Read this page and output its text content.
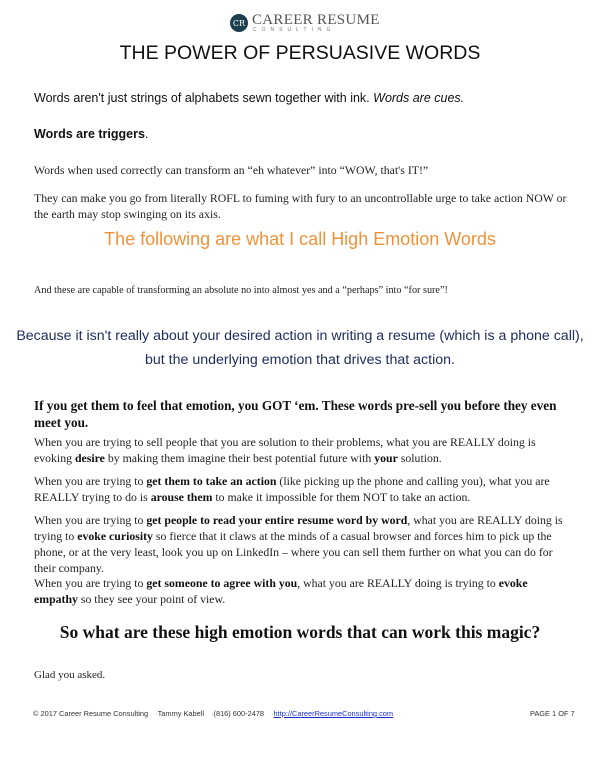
CR CAREER RESUME
CONSULTING
THE POWER OF PERSUASIVE WORDS
Words aren't just strings of alphabets sewn together with ink. Words are cues.
Words are triggers.
Words when used correctly can transform an “eh whatever” into “WOW, that's IT!”
They can make you go from literally ROFL to fuming with fury to an uncontrollable urge to take action NOW or the earth may stop swinging on its axis.
The following are what I call High Emotion Words
And these are capable of transforming an absolute no into almost yes and a “perhaps” into “for sure”!
Because it isn't really about your desired action in writing a resume (which is a phone call),
but the underlying emotion that drives that action.
If you get them to feel that emotion, you GOT ‘em. These words pre-sell you before they even meet you.
When you are trying to sell people that you are solution to their problems, what you are REALLY doing is evoking desire by making them imagine their best potential future with your solution.
When you are trying to get them to take an action (like picking up the phone and calling you), what you are REALLY trying to do is arouse them to make it impossible for them NOT to take an action.
When you are trying to get people to read your entire resume word by word, what you are REALLY doing is trying to evoke curiosity so fierce that it claws at the minds of a casual browser and forces him to pick up the phone, or at the very least, look you up on LinkedIn – where you can sell them further on what you can do for their company.
When you are trying to get someone to agree with you, what you are REALLY doing is trying to evoke empathy so they see your point of view.
So what are these high emotion words that can work this magic?
Glad you asked.
© 2017 Career Resume Consulting ·Tammy Kabell ·(816) 600-2478 ·http://CareerResumeConsulting.com	PAGE 1 OF 7
